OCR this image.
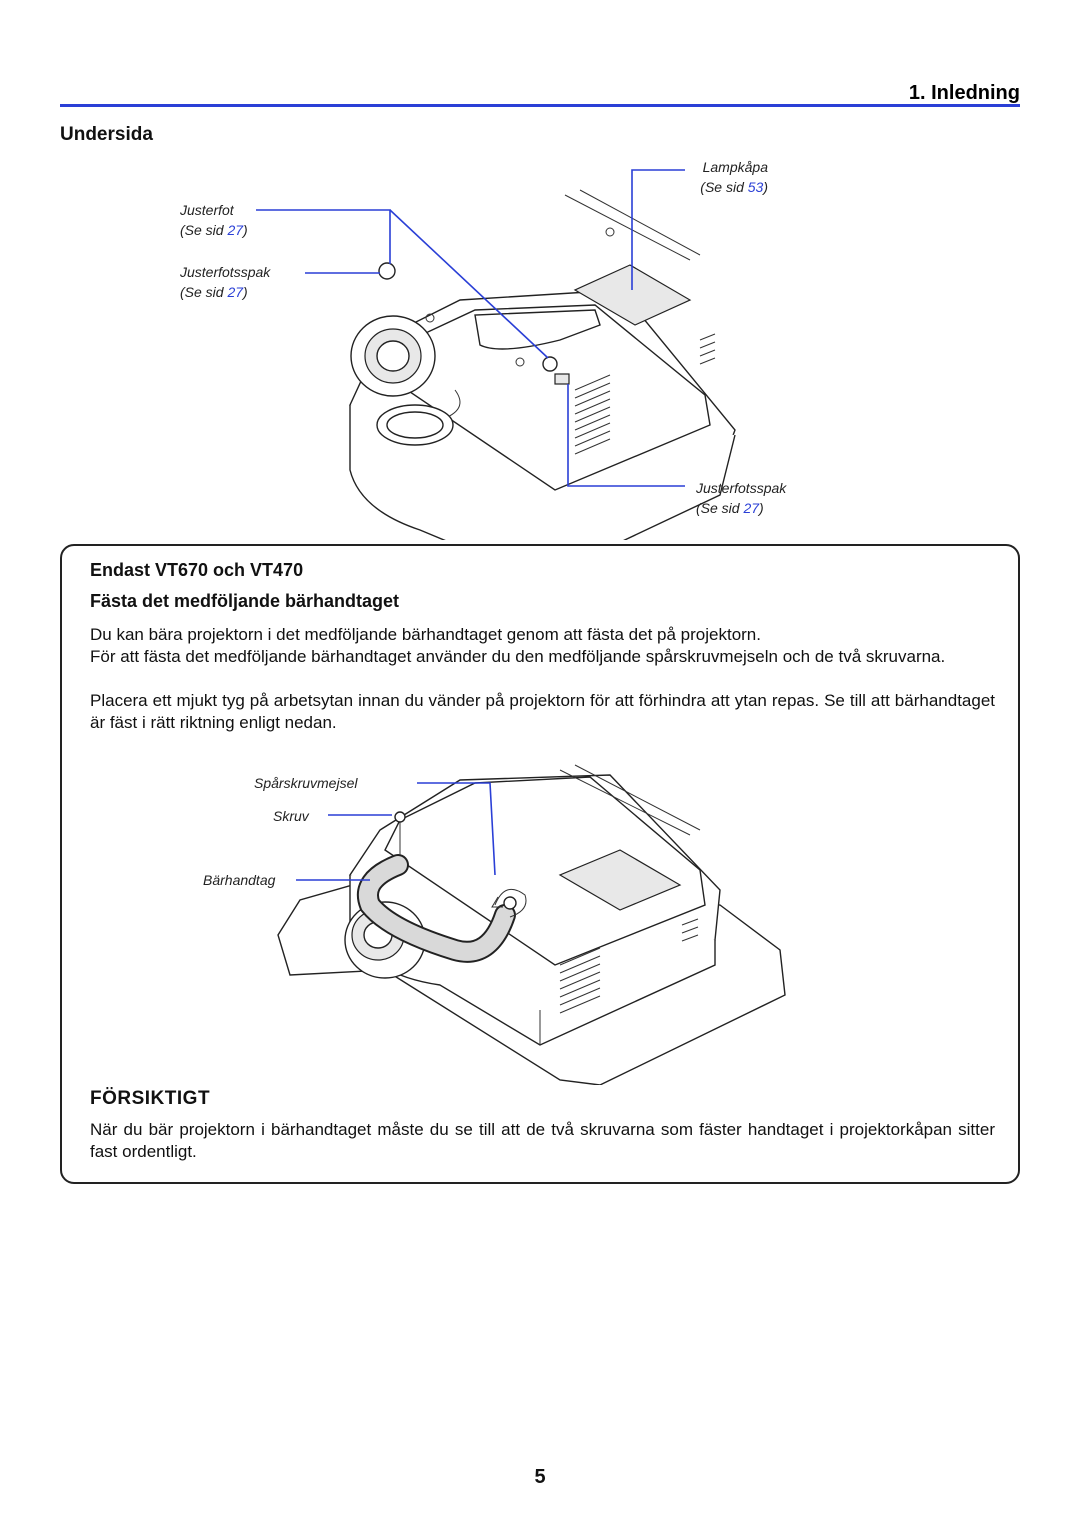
1. Inledning
Undersida
Lampkåpa
(Se sid 53)
Justerfot
(Se sid 27)
Justerfotsspak
(Se sid 27)
Justerfotsspak
(Se sid 27)
Endast VT670 och VT470
Fästa det medföljande bärhandtaget
Du kan bära projektorn i det medföljande bärhandtaget genom att fästa det på projektorn.
För att fästa det medföljande bärhandtaget använder du den medföljande spårskruvmejseln och de två skruvarna.
Placera ett mjukt tyg på arbetsytan innan du vänder på projektorn för att förhindra att ytan repas. Se till att bärhandtaget är fäst i rätt riktning enligt nedan.
Spårskruvmejsel
Skruv
Bärhandtag
FÖRSIKTIGT
När du bär projektorn i bärhandtaget måste du se till att de två skruvarna som fäster handtaget i projektorkåpan sitter fast ordentligt.
5
